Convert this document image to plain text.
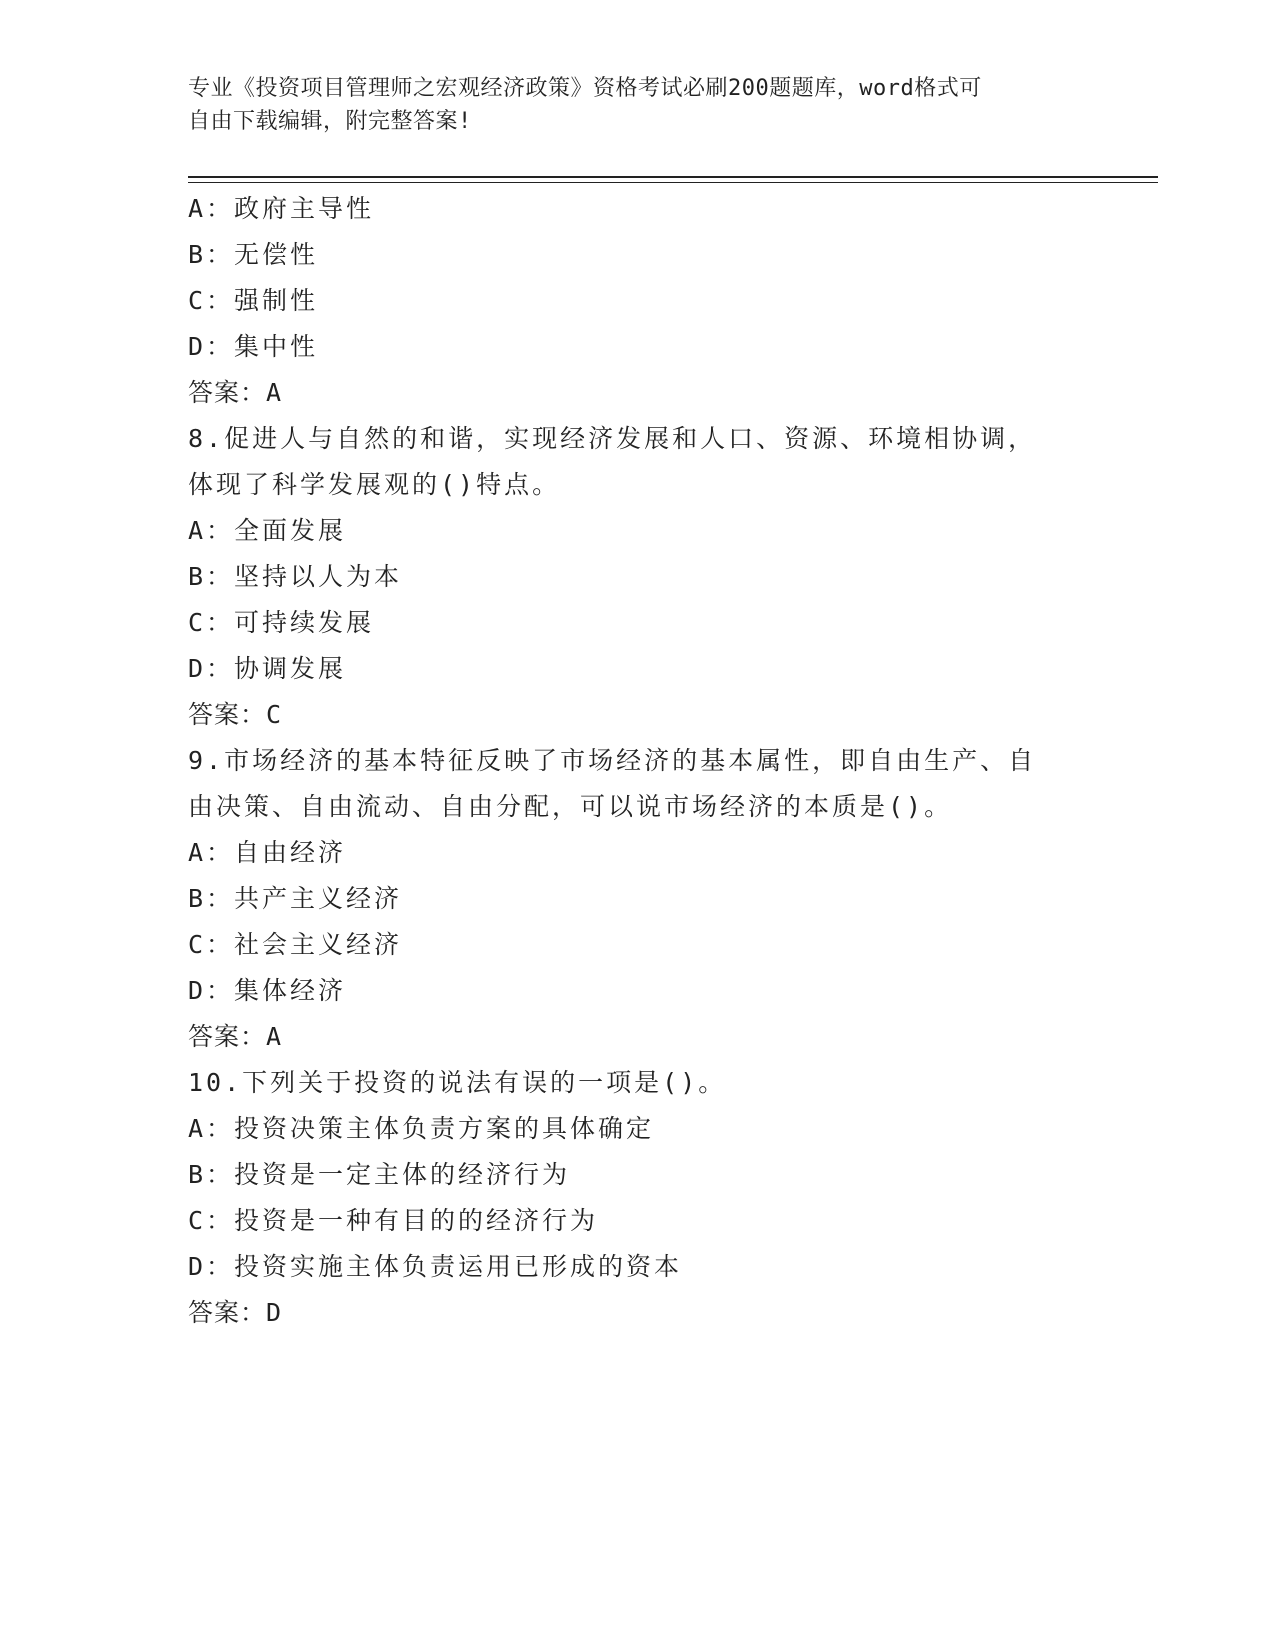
专业《投资项目管理师之宏观经济政策》资格考试必刷200题题库，word格式可
自由下载编辑，附完整答案!
A：政府主导性
B：无偿性
C：强制性
D：集中性
答案：A
8.促进人与自然的和谐，实现经济发展和人口、资源、环境相协调，
体现了科学发展观的()特点。
A：全面发展
B：坚持以人为本
C：可持续发展
D：协调发展
答案：C
9.市场经济的基本特征反映了市场经济的基本属性，即自由生产、自
由决策、自由流动、自由分配，可以说市场经济的本质是()。
A：自由经济
B：共产主义经济
C：社会主义经济
D：集体经济
答案：A
10.下列关于投资的说法有误的一项是()。
A：投资决策主体负责方案的具体确定
B：投资是一定主体的经济行为
C：投资是一种有目的的经济行为
D：投资实施主体负责运用已形成的资本
答案：D
